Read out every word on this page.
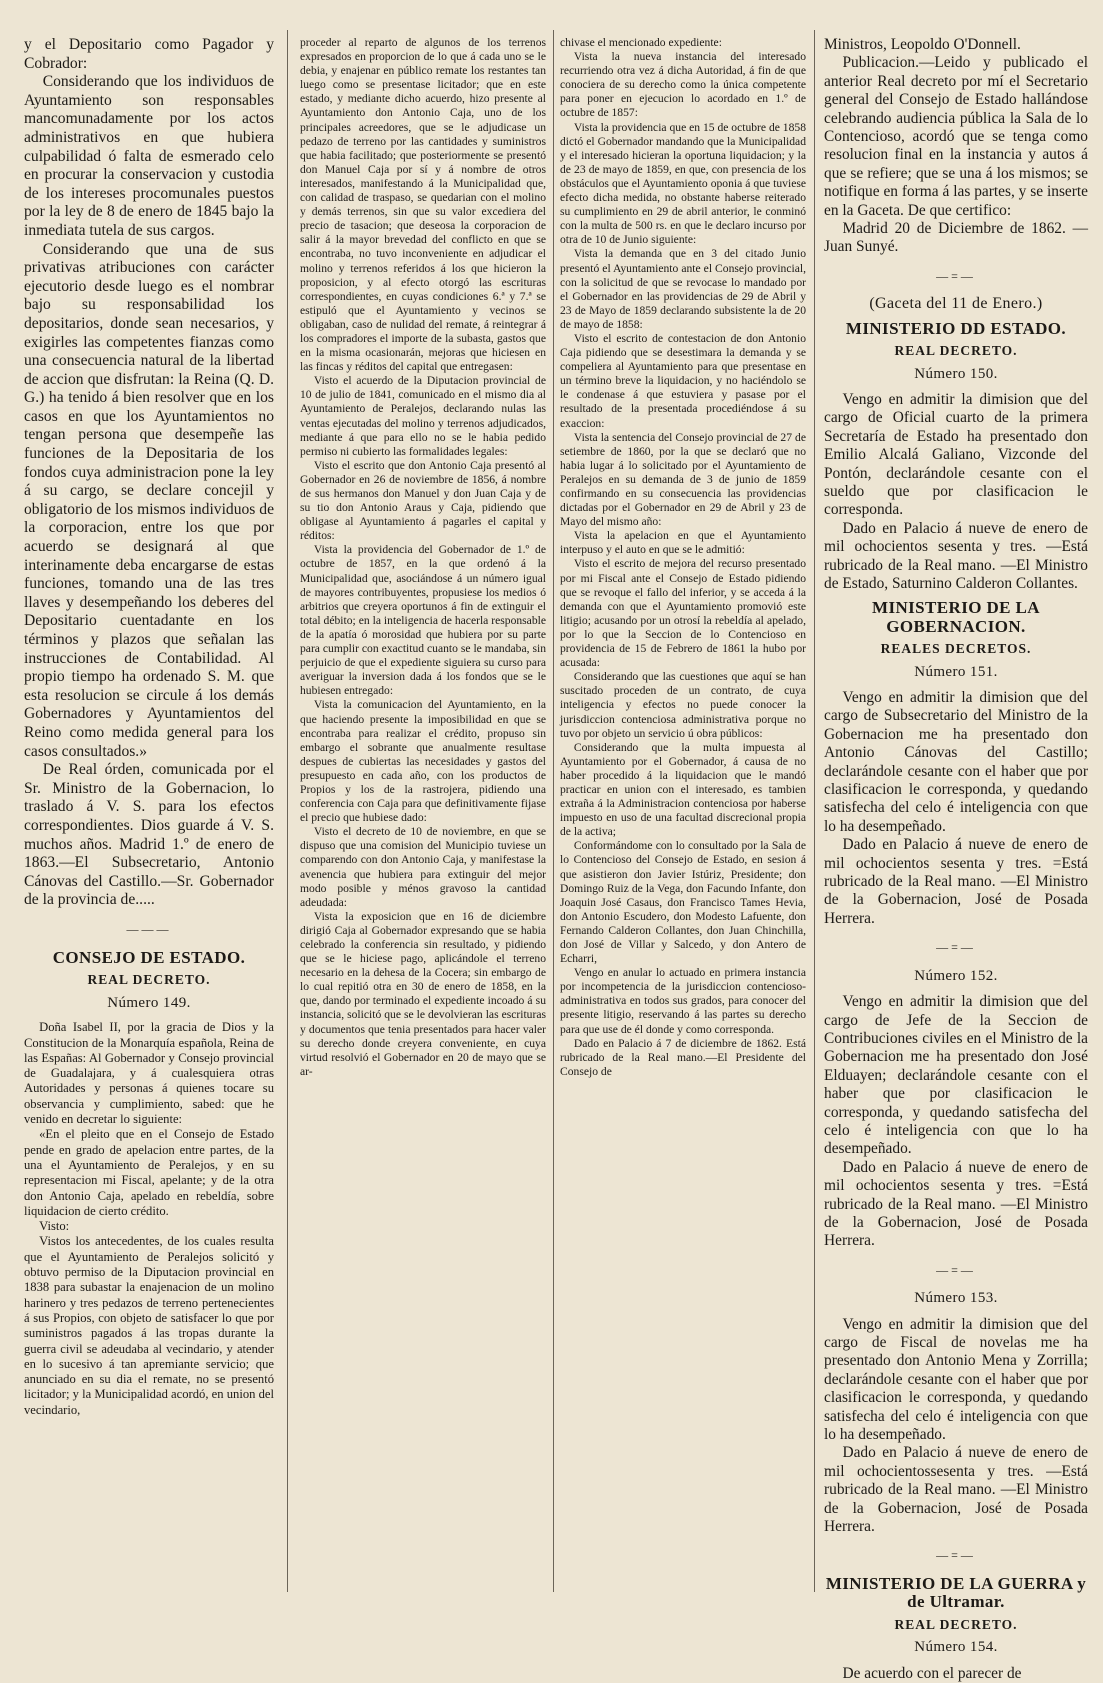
y el Depositario como Pagador y Cobrador:

Considerando que los individuos de Ayuntamiento son responsables mancomunadamente por los actos administrativos en que hubiera culpabilidad ó falta de esmerado celo en procurar la conservacion y custodia de los intereses procomunales puestos por la ley de 8 de enero de 1845 bajo la inmediata tutela de sus cargos.

Considerando que una de sus privativas atribuciones con carácter ejecutorio desde luego es el nombrar bajo su responsabilidad los depositarios, donde sean necesarios, y exigirles las competentes fianzas como una consecuencia natural de la libertad de accion que disfrutan: la Reina (Q. D. G.) ha tenido á bien resolver que en los casos en que los Ayuntamientos no tengan persona que desempeñe las funciones de la Depositaria de los fondos cuya administracion pone la ley á su cargo, se declare concejil y obligatorio de los mismos individuos de la corporacion, entre los que por acuerdo se designará al que interinamente deba encargarse de estas funciones, tomando una de las tres llaves y desempeñando los deberes del Depositario cuentadante en los términos y plazos que señalan las instrucciones de Contabilidad. Al propio tiempo ha ordenado S. M. que esta resolucion se circule á los demás Gobernadores y Ayuntamientos del Reino como medida general para los casos consultados.»

De Real órden, comunicada por el Sr. Ministro de la Gobernacion, lo traslado á V. S. para los efectos correspondientes. Dios guarde á V. S. muchos años. Madrid 1.º de enero de 1863.—El Subsecretario, Antonio Cánovas del Castillo.—Sr. Gobernador de la provincia de.....

———

CONSEJO DE ESTADO.

REAL DECRETO.

Número 149.

Doña Isabel II, por la gracia de Dios y la Constitucion de la Monarquía española, Reina de las Españas: Al Gobernador y Consejo provincial de Guadalajara, y á cualesquiera otras Autoridades y personas á quienes tocare su observancia y cumplimiento, sabed: que he venido en decretar lo siguiente:

«En el pleito que en el Consejo de Estado pende en grado de apelacion entre partes, de la una el Ayuntamiento de Peralejos, y en su representacion mi Fiscal, apelante; y de la otra don Antonio Caja, apelado en rebeldía, sobre liquidacion de cierto crédito.

Visto:

Vistos los antecedentes, de los cuales resulta que el Ayuntamiento de Peralejos solicitó y obtuvo permiso de la Diputacion provincial en 1838 para subastar la enajenacion de un molino harinero y tres pedazos de terreno pertenecientes á sus Propios, con objeto de satisfacer lo que por suministros pagados á las tropas durante la guerra civil se adeudaba al vecindario, y atender en lo sucesivo á tan apremiante servicio; que anunciado en su dia el remate, no se presentó licitador; y la Municipalidad acordó, en union del vecindario,

proceder al reparto de algunos de los terrenos expresados en proporcion de lo que á cada uno se le debia, y enajenar en público remate los restantes tan luego como se presentase licitador; que en este estado, y mediante dicho acuerdo, hizo presente al Ayuntamiento don Antonio Caja, uno de los principales acreedores, que se le adjudicase un pedazo de terreno por las cantidades y suministros que habia facilitado; que posteriormente se presentó don Manuel Caja por sí y á nombre de otros interesados, manifestando á la Municipalidad que, con calidad de traspaso, se quedarian con el molino y demás terrenos, sin que su valor excediera del precio de tasacion; que deseosa la corporacion de salir á la mayor brevedad del conflicto en que se encontraba, no tuvo inconveniente en adjudicar el molino y terrenos referidos á los que hicieron la proposicion, y al efecto otorgó las escrituras correspondientes, en cuyas condiciones 6.ª y 7.ª se estipuló que el Ayuntamiento y vecinos se obligaban, caso de nulidad del remate, á reintegrar á los compradores el importe de la subasta, gastos que en la misma ocasionarán, mejoras que hiciesen en las fincas y réditos del capital que entregasen:

Visto el acuerdo de la Diputacion provincial de 10 de julio de 1841, comunicado en el mismo dia al Ayuntamiento de Peralejos, declarando nulas las ventas ejecutadas del molino y terrenos adjudicados, mediante á que para ello no se le habia pedido permiso ni cubierto las formalidades legales:

Visto el escrito que don Antonio Caja presentó al Gobernador en 26 de noviembre de 1856, á nombre de sus hermanos don Manuel y don Juan Caja y de su tio don Antonio Araus y Caja, pidiendo que obligase al Ayuntamiento á pagarles el capital y réditos:

Vista la providencia del Gobernador de 1.º de octubre de 1857, en la que ordenó á la Municipalidad que, asociándose á un número igual de mayores contribuyentes, propusiese los medios ó arbitrios que creyera oportunos á fin de extinguir el total débito; en la inteligencia de hacerla responsable de la apatía ó morosidad que hubiera por su parte para cumplir con exactitud cuanto se le mandaba, sin perjuicio de que el expediente siguiera su curso para averiguar la inversion dada á los fondos que se le hubiesen entregado:

Vista la comunicacion del Ayuntamiento, en la que haciendo presente la imposibilidad en que se encontraba para realizar el crédito, propuso sin embargo el sobrante que anualmente resultase despues de cubiertas las necesidades y gastos del presupuesto en cada año, con los productos de Propios y los de la rastrojera, pidiendo una conferencia con Caja para que definitivamente fijase el precio que hubiese dado:

Visto el decreto de 10 de noviembre, en que se dispuso que una comision del Municipio tuviese un comparendo con don Antonio Caja, y manifestase la avenencia que hubiera para extinguir del mejor modo posible y ménos gravoso la cantidad adeudada:

Vista la exposicion que en 16 de diciembre dirigió Caja al Gobernador expresando que se habia celebrado la conferencia sin resultado, y pidiendo que se le hiciese pago, aplicándole el terreno necesario en la dehesa de la Cocera; sin embargo de lo cual repitió otra en 30 de enero de 1858, en la que, dando por terminado el expediente incoado á su instancia, solicitó que se le devolvieran las escrituras y documentos que tenia presentados para hacer valer su derecho donde creyera conveniente, en cuya virtud resolvió el Gobernador en 20 de mayo que se ar-

chivase el mencionado expediente:

Vista la nueva instancia del interesado recurriendo otra vez á dicha Autoridad, á fin de que conociera de su derecho como la única competente para poner en ejecucion lo acordado en 1.º de octubre de 1857:

Vista la providencia que en 15 de octubre de 1858 dictó el Gobernador mandando que la Municipalidad y el interesado hicieran la oportuna liquidacion; y la de 23 de mayo de 1859, en que, con presencia de los obstáculos que el Ayuntamiento oponia á que tuviese efecto dicha medida, no obstante haberse reiterado su cumplimiento en 29 de abril anterior, le conminó con la multa de 500 rs. en que le declaro incurso por otra de 10 de Junio siguiente:

Vista la demanda que en 3 del citado Junio presentó el Ayuntamiento ante el Consejo provincial, con la solicitud de que se revocase lo mandado por el Gobernador en las providencias de 29 de Abril y 23 de Mayo de 1859 declarando subsistente la de 20 de mayo de 1858:

Visto el escrito de contestacion de don Antonio Caja pidiendo que se desestimara la demanda y se compeliera al Ayuntamiento para que presentase en un término breve la liquidacion, y no haciéndolo se le condenase á que estuviera y pasase por el resultado de la presentada procediéndose á su exaccion:

Vista la sentencia del Consejo provincial de 27 de setiembre de 1860, por la que se declaró que no habia lugar á lo solicitado por el Ayuntamiento de Peralejos en su demanda de 3 de junio de 1859 confirmando en su consecuencia las providencias dictadas por el Gobernador en 29 de Abril y 23 de Mayo del mismo año:

Vista la apelacion en que el Ayuntamiento interpuso y el auto en que se le admitió:

Visto el escrito de mejora del recurso presentado por mi Fiscal ante el Consejo de Estado pidiendo que se revoque el fallo del inferior, y se acceda á la demanda con que el Ayuntamiento promovió este litigio; acusando por un otrosí la rebeldía al apelado, por lo que la Seccion de lo Contencioso en providencia de 15 de Febrero de 1861 la hubo por acusada:

Considerando que las cuestiones que aquí se han suscitado proceden de un contrato, de cuya inteligencia y efectos no puede conocer la jurisdiccion contenciosa administrativa porque no tuvo por objeto un servicio ú obra públicos:

Considerando que la multa impuesta al Ayuntamiento por el Gobernador, á causa de no haber procedido á la liquidacion que le mandó practicar en union con el interesado, es tambien extraña á la Administracion contenciosa por haberse impuesto en uso de una facultad discrecional propia de la activa;

Conformándome con lo consultado por la Sala de lo Contencioso del Consejo de Estado, en sesion á que asistieron don Javier Istúriz, Presidente; don Domingo Ruiz de la Vega, don Facundo Infante, don Joaquin José Casaus, don Francisco Tames Hevia, don Antonio Escudero, don Modesto Lafuente, don Fernando Calderon Collantes, don Juan Chinchilla, don José de Villar y Salcedo, y don Antero de Echarri,

Vengo en anular lo actuado en primera instancia por incompetencia de la jurisdiccion contencioso-administrativa en todos sus grados, para conocer del presente litigio, reservando á las partes su derecho para que use de él donde y como corresponda.

Dado en Palacio á 7 de diciembre de 1862. Está rubricado de la Real mano.—El Presidente del Consejo de

Ministros, Leopoldo O'Donnell.

Publicacion.—Leido y publicado el anterior Real decreto por mí el Secretario general del Consejo de Estado hallándose celebrando audiencia pública la Sala de lo Contencioso, acordó que se tenga como resolucion final en la instancia y autos á que se refiere; que se una á los mismos; se notifique en forma á las partes, y se inserte en la Gaceta. De que certifico:

Madrid 20 de Diciembre de 1862. —Juan Sunyé.

—=—

(Gaceta del 11 de Enero.)

MINISTERIO DD ESTADO.

REAL DECRETO.

Número 150.

Vengo en admitir la dimision que del cargo de Oficial cuarto de la primera Secretaría de Estado ha presentado don Emilio Alcalá Galiano, Vizconde del Pontón, declarándole cesante con el sueldo que por clasificacion le corresponda.

Dado en Palacio á nueve de enero de mil ochocientos sesenta y tres. —Está rubricado de la Real mano. —El Ministro de Estado, Saturnino Calderon Collantes.

MINISTERIO DE LA GOBERNACION.

REALES DECRETOS.

Número 151.

Vengo en admitir la dimision que del cargo de Subsecretario del Ministro de la Gobernacion me ha presentado don Antonio Cánovas del Castillo; declarándole cesante con el haber que por clasificacion le corresponda, y quedando satisfecha del celo é inteligencia con que lo ha desempeñado.

Dado en Palacio á nueve de enero de mil ochocientos sesenta y tres. =Está rubricado de la Real mano. —El Ministro de la Gobernacion, José de Posada Herrera.

—=—

Número 152.

Vengo en admitir la dimision que del cargo de Jefe de la Seccion de Contribuciones civiles en el Ministro de la Gobernacion me ha presentado don José Elduayen; declarándole cesante con el haber que por clasificacion le corresponda, y quedando satisfecha del celo é inteligencia con que lo ha desempeñado.

Dado en Palacio á nueve de enero de mil ochocientos sesenta y tres. =Está rubricado de la Real mano. —El Ministro de la Gobernacion, José de Posada Herrera.

—=—

Número 153.

Vengo en admitir la dimision que del cargo de Fiscal de novelas me ha presentado don Antonio Mena y Zorrilla; declarándole cesante con el haber que por clasificacion le corresponda, y quedando satisfecha del celo é inteligencia con que lo ha desempeñado.

Dado en Palacio á nueve de enero de mil ochocientossesenta y tres. —Está rubricado de la Real mano. —El Ministro de la Gobernacion, José de Posada Herrera.

—=—

MINISTERIO DE LA GUERRA y de Ultramar.

REAL DECRETO.

Número 154.

De acuerdo con el parecer de
